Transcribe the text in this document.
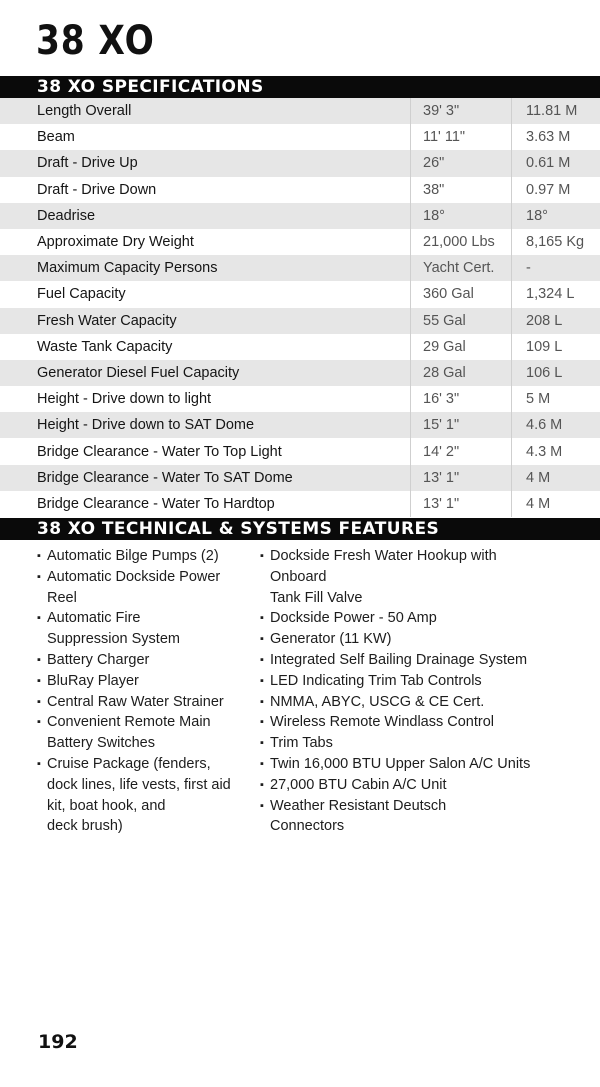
38 XO
38 XO SPECIFICATIONS
Length Overall	39' 3"	11.81 M
Beam	11' 11"	3.63 M
Draft - Drive Up	26"	0.61 M
Draft - Drive Down	38"	0.97 M
Deadrise	18°	18°
Approximate Dry Weight	21,000 Lbs	8,165 Kg
Maximum Capacity Persons	Yacht Cert.	-
Fuel Capacity	360 Gal	1,324 L
Fresh Water Capacity	55 Gal	208 L
Waste Tank Capacity	29 Gal	109 L
Generator Diesel Fuel Capacity	28 Gal	106 L
Height - Drive down to light	16' 3"	5 M
Height - Drive down to SAT Dome	15' 1"	4.6 M
Bridge Clearance - Water To Top Light	14' 2"	4.3 M
Bridge Clearance - Water To SAT Dome	13' 1"	4 M
Bridge Clearance - Water To Hardtop	13' 1"	4 M
38 XO TECHNICAL & SYSTEMS FEATURES
▪ Automatic Bilge Pumps (2)
▪ Automatic Dockside Power
Reel
▪ Automatic Fire
Suppression System
▪ Battery Charger
▪ BluRay Player
▪ Central Raw Water Strainer
▪ Convenient Remote Main
Battery Switches
▪ Cruise Package (fenders,
dock lines, life vests, first aid
kit, boat hook, and
deck brush)
▪ Dockside Fresh Water Hookup with
Onboard
Tank Fill Valve
▪ Dockside Power - 50 Amp
▪ Generator (11 KW)
▪ Integrated Self Bailing Drainage System
▪ LED Indicating Trim Tab Controls
▪ NMMA, ABYC, USCG & CE Cert.
▪ Wireless Remote Windlass Control
▪ Trim Tabs
▪ Twin 16,000 BTU Upper Salon A/C Units
▪ 27,000 BTU Cabin A/C Unit
▪ Weather Resistant Deutsch
Connectors
192
